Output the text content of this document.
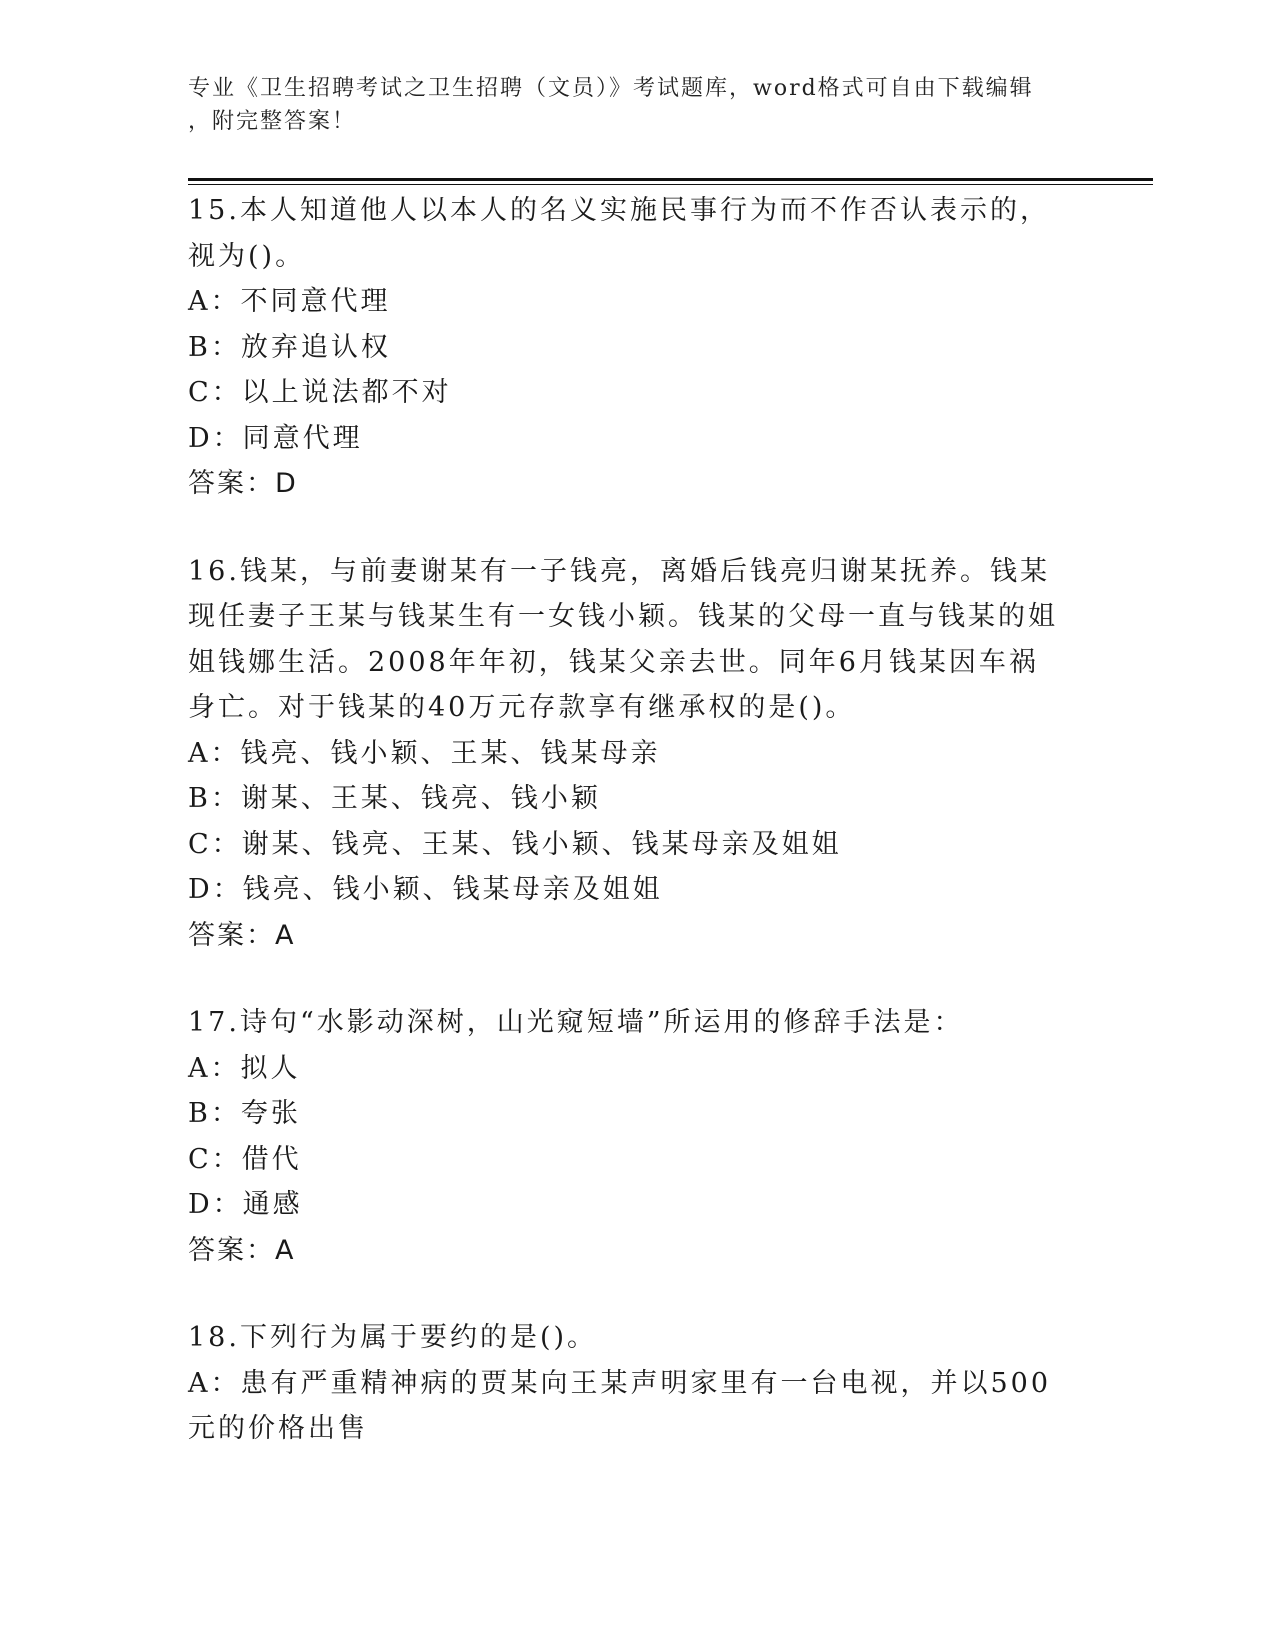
专业《卫生招聘考试之卫生招聘（文员）》考试题库，word格式可自由下载编辑
，附完整答案！
15.本人知道他人以本人的名义实施民事行为而不作否认表示的，视为()。
A：不同意代理
B：放弃追认权
C：以上说法都不对
D：同意代理
答案：D
16.钱某，与前妻谢某有一子钱亮，离婚后钱亮归谢某抚养。钱某现任妻子王某与钱某生有一女钱小颖。钱某的父母一直与钱某的姐姐钱娜生活。2008年年初，钱某父亲去世。同年6月钱某因车祸身亡。对于钱某的40万元存款享有继承权的是()。
A：钱亮、钱小颖、王某、钱某母亲
B：谢某、王某、钱亮、钱小颖
C：谢某、钱亮、王某、钱小颖、钱某母亲及姐姐
D：钱亮、钱小颖、钱某母亲及姐姐
答案：A
17.诗句“水影动深树，山光窥短墙”所运用的修辞手法是：
A：拟人
B：夸张
C：借代
D：通感
答案：A
18.下列行为属于要约的是()。
A：患有严重精神病的贾某向王某声明家里有一台电视，并以500元的价格出售
